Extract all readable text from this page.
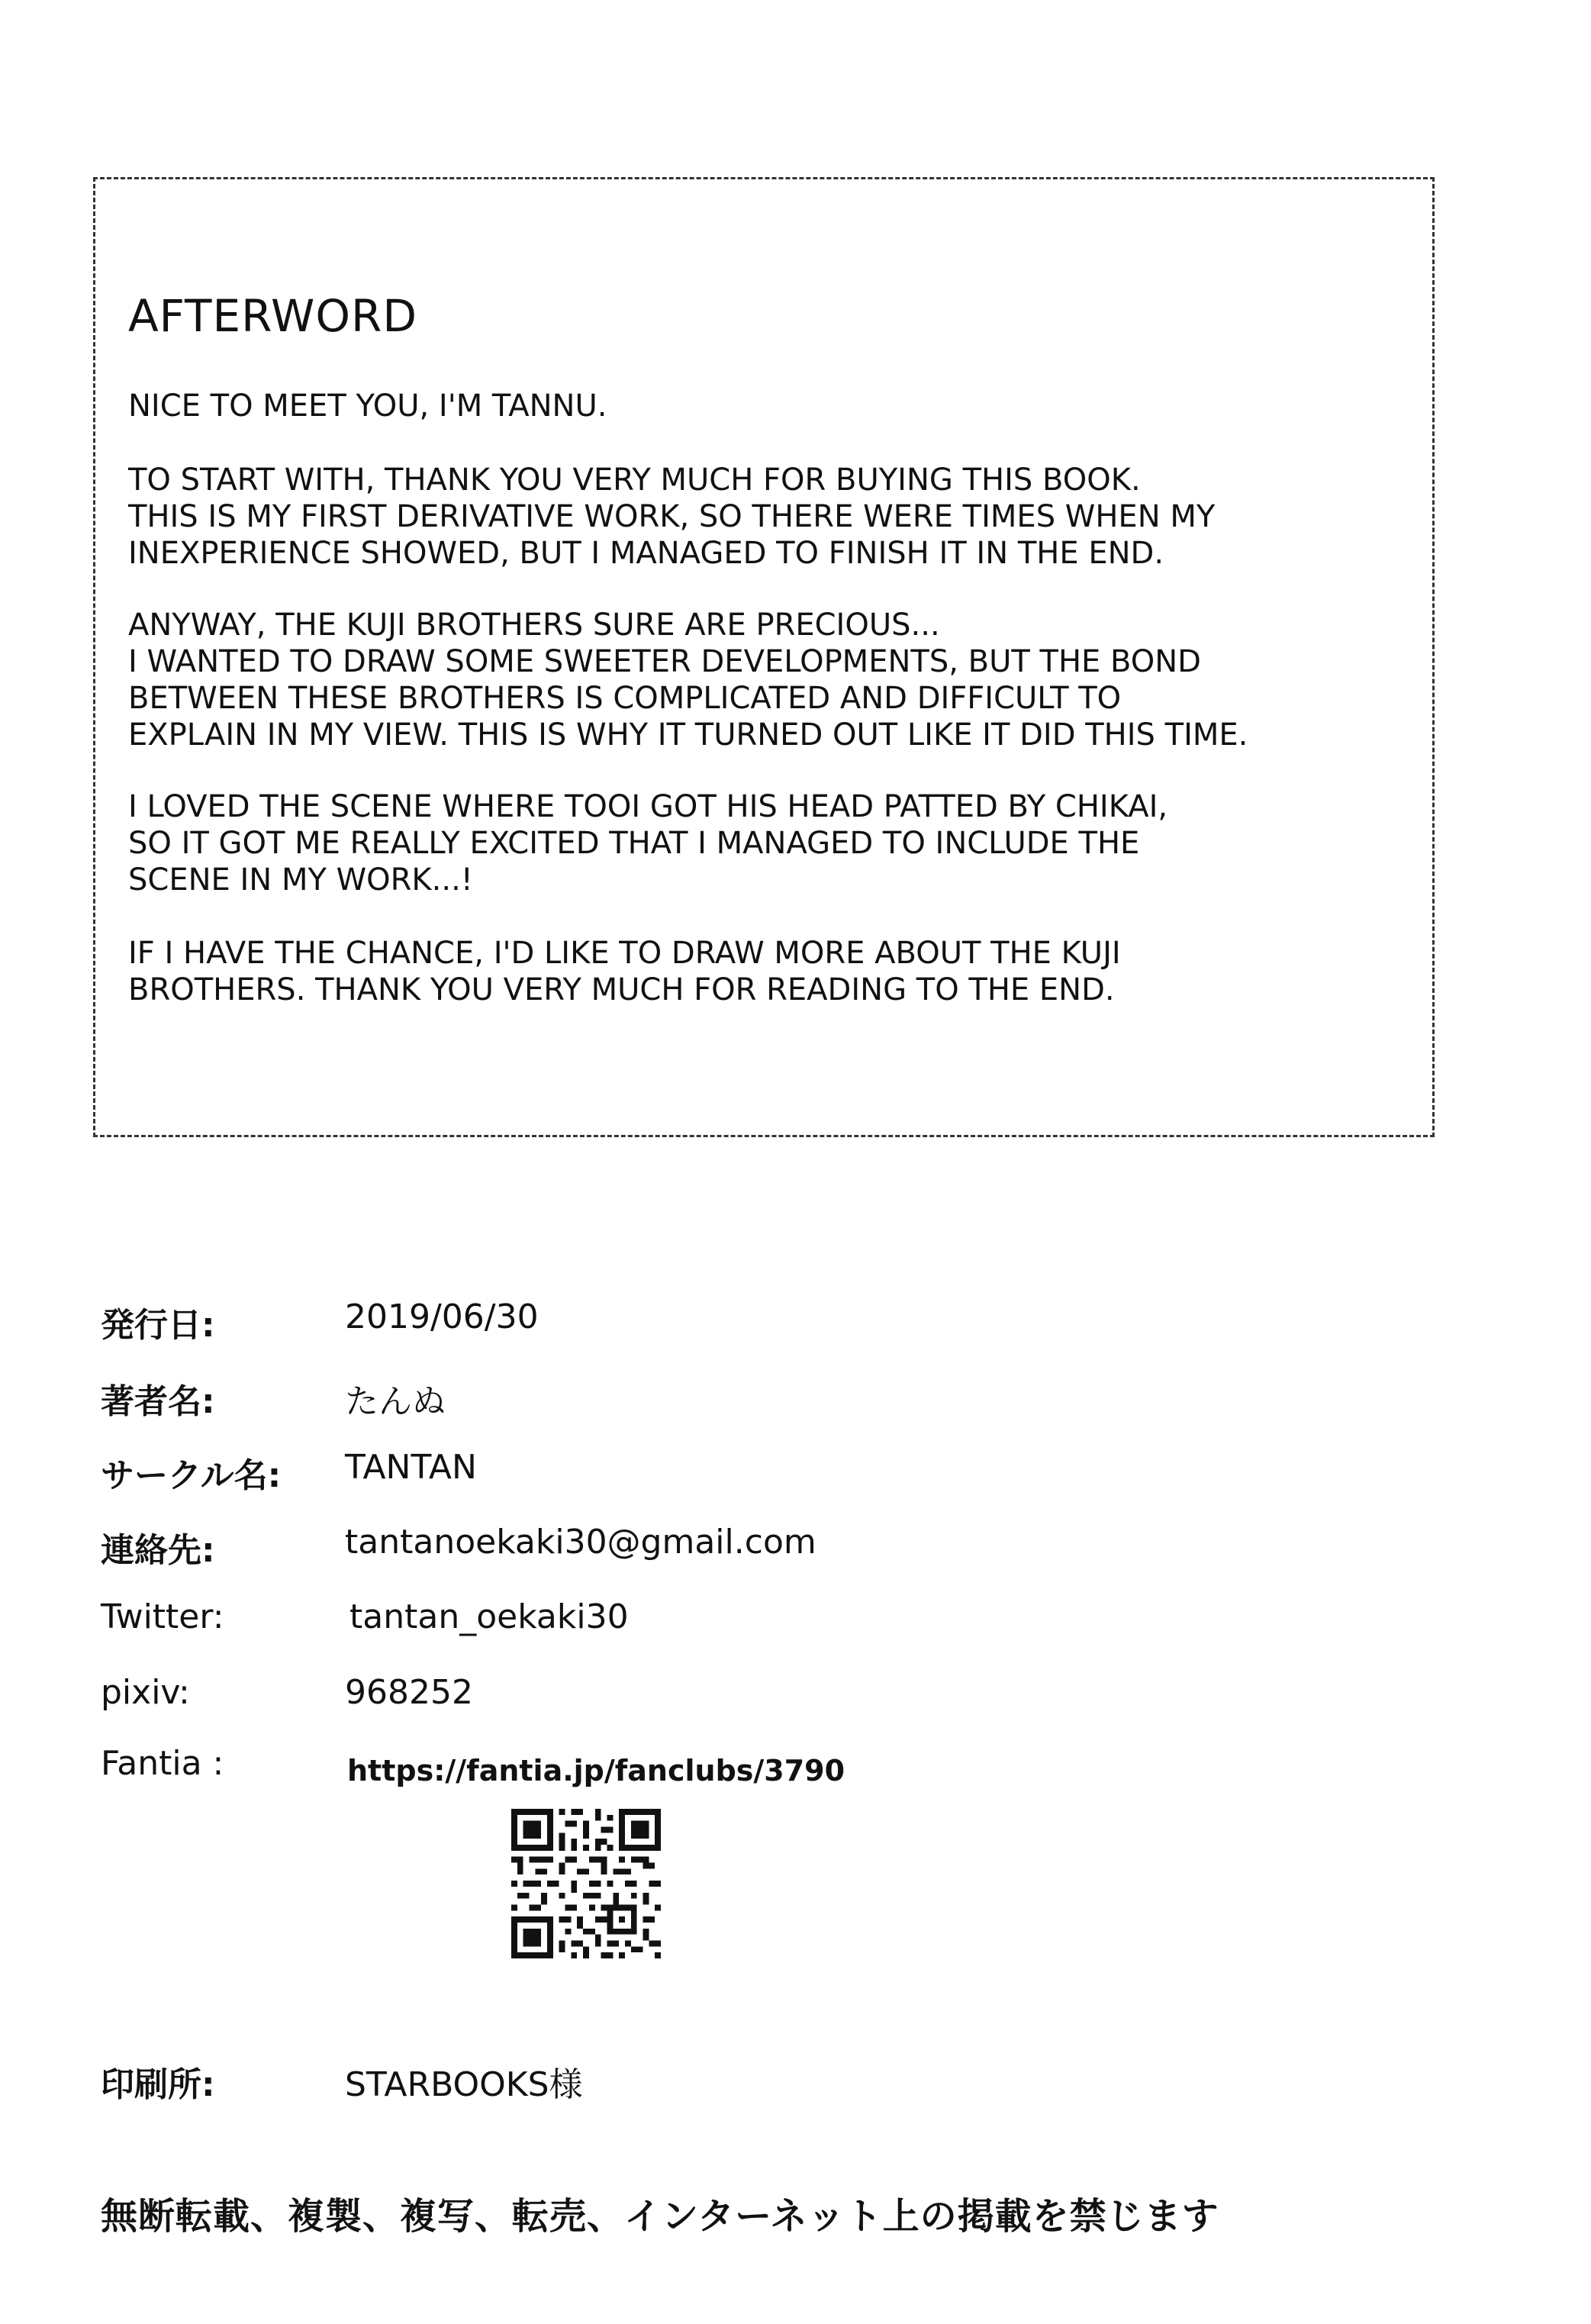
AFTERWORD

NICE TO MEET YOU, I'M TANNU.

TO START WITH, THANK YOU VERY MUCH FOR BUYING THIS BOOK.
THIS IS MY FIRST DERIVATIVE WORK, SO THERE WERE TIMES WHEN MY
INEXPERIENCE SHOWED, BUT I MANAGED TO FINISH IT IN THE END.

ANYWAY, THE KUJI BROTHERS SURE ARE PRECIOUS...
I WANTED TO DRAW SOME SWEETER DEVELOPMENTS, BUT THE BOND
BETWEEN THESE BROTHERS IS COMPLICATED AND DIFFICULT TO
EXPLAIN IN MY VIEW. THIS IS WHY IT TURNED OUT LIKE IT DID THIS TIME.

I LOVED THE SCENE WHERE TOOI GOT HIS HEAD PATTED BY CHIKAI,
SO IT GOT ME REALLY EXCITED THAT I MANAGED TO INCLUDE THE
SCENE IN MY WORK...!

IF I HAVE THE CHANCE, I'D LIKE TO DRAW MORE ABOUT THE KUJI
BROTHERS. THANK YOU VERY MUCH FOR READING TO THE END.

発行日:	2019/06/30
著者名:	たんぬ
サークル名: TANTAN
連絡先:	tantanoekaki30@gmail.com
Twitter:	tantan_oekaki30
pixiv:	968252
Fantia :	https://fantia.jp/fanclubs/3790
印刷所:	STARBOOKS様
無断転載、複製、複写、転売、インターネット上の掲載を禁じます
